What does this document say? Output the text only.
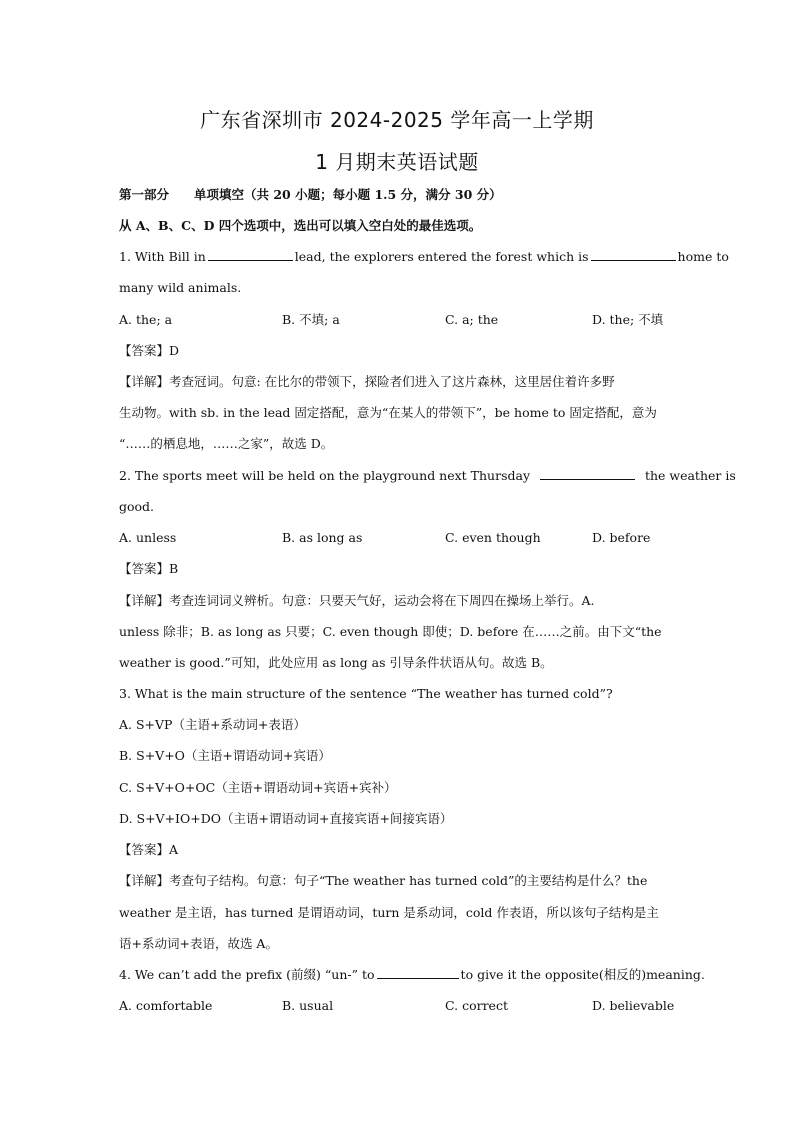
广东省深圳市 2024-2025 学年高一上学期
1 月期末英语试题
第一部分　　单项填空（共 20 小题；每小题 1.5 分，满分 30 分）
从 A、B、C、D 四个选项中，选出可以填入空白处的最佳选项。
1. With Bill in	lead, the explorers entered the forest which is	home to
many wild animals.
A. the; a	B. 不填; a	C. a; the	D. the; 不填
【答案】D
【详解】考查冠词。句意: 在比尔的带领下，探险者们进入了这片森林，这里居住着许多野
生动物。with sb. in the lead 固定搭配，意为“在某人的带领下”，be home to 固定搭配，意为
“……的栖息地，……之家”，故选 D。
2. The sports meet will be held on the playground next Thursday	the weather is
good.
A. unless	B. as long as	C. even though	D. before
【答案】B
【详解】考查连词词义辨析。句意：只要天气好，运动会将在下周四在操场上举行。A.
unless 除非；B. as long as 只要；C. even though 即使；D. before 在……之前。由下文“the
weather is good.”可知，此处应用 as long as 引导条件状语从句。故选 B。
3. What is the main structure of the sentence “The weather has turned cold”?
A. S+VP（主语+系动词+表语）
B. S+V+O（主语+谓语动词+宾语）
C. S+V+O+OC（主语+谓语动词+宾语+宾补）
D. S+V+IO+DO（主语+谓语动词+直接宾语+间接宾语）
【答案】A
【详解】考查句子结构。句意：句子“The weather has turned cold”的主要结构是什么？the
weather 是主语，has turned 是谓语动词，turn 是系动词，cold 作表语，所以该句子结构是主
语+系动词+表语，故选 A。
4. We can’t add the prefix (前缀) “un-” to	to give it the opposite(相反的)meaning.
A. comfortable	B. usual	C. correct	D. believable
